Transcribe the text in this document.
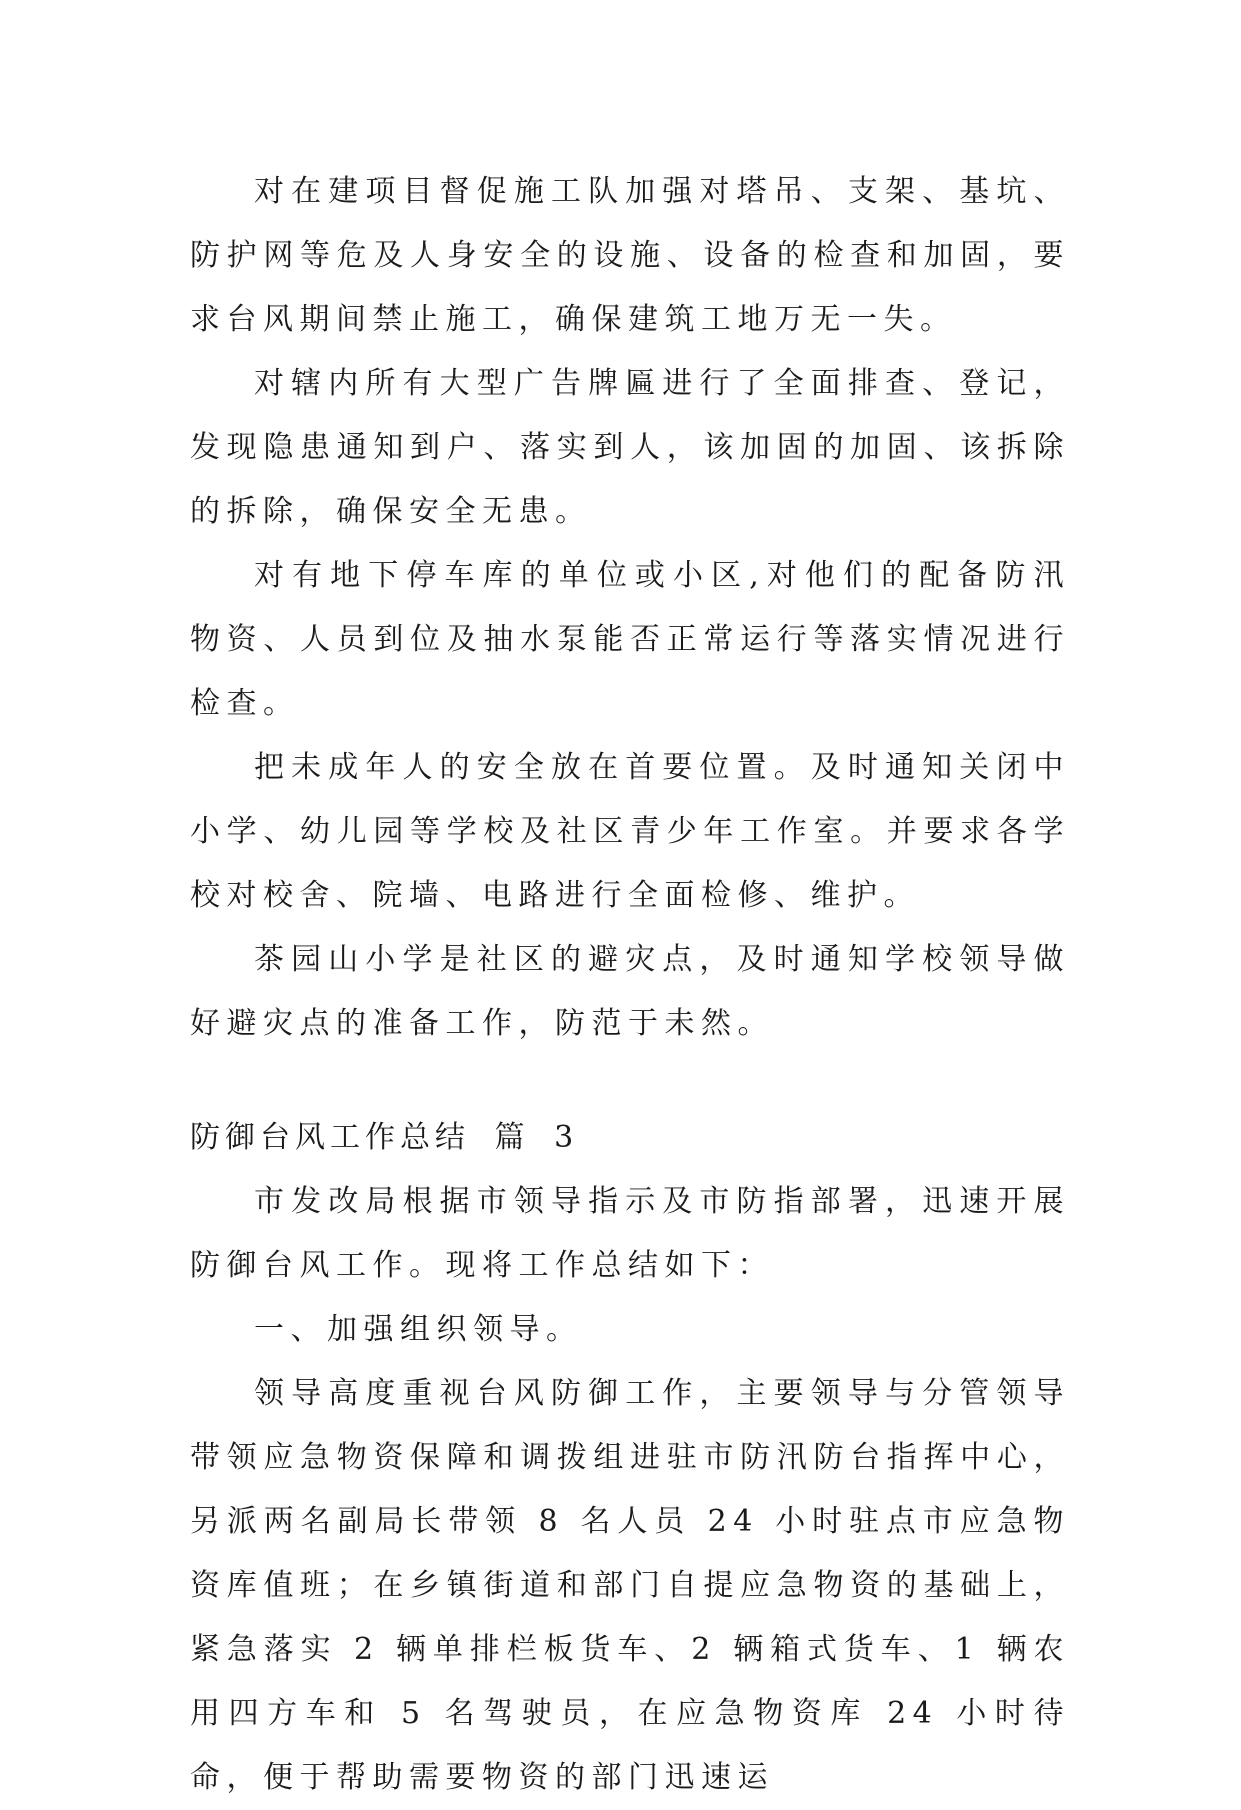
对在建项目督促施工队加强对塔吊、支架、基坑、防护网等危及人身安全的设施、设备的检查和加固，要求台风期间禁止施工，确保建筑工地万无一失。

对辖内所有大型广告牌匾进行了全面排查、登记，发现隐患通知到户、落实到人，该加固的加固、该拆除的拆除，确保安全无患。

对有地下停车库的单位或小区,对他们的配备防汛物资、人员到位及抽水泵能否正常运行等落实情况进行检查。

把未成年人的安全放在首要位置。及时通知关闭中小学、幼儿园等学校及社区青少年工作室。并要求各学校对校舍、院墙、电路进行全面检修、维护。

茶园山小学是社区的避灾点，及时通知学校领导做好避灾点的准备工作，防范于未然。

防御台风工作总结 篇 3

市发改局根据市领导指示及市防指部署，迅速开展防御台风工作。现将工作总结如下：

一、加强组织领导。

领导高度重视台风防御工作，主要领导与分管领导带领应急物资保障和调拨组进驻市防汛防台指挥中心，另派两名副局长带领 8 名人员 24 小时驻点市应急物资库值班；在乡镇街道和部门自提应急物资的基础上，紧急落实 2 辆单排栏板货车、2 辆箱式货车、1 辆农用四方车和 5 名驾驶员，在应急物资库 24 小时待命，便于帮助需要物资的部门迅速运
